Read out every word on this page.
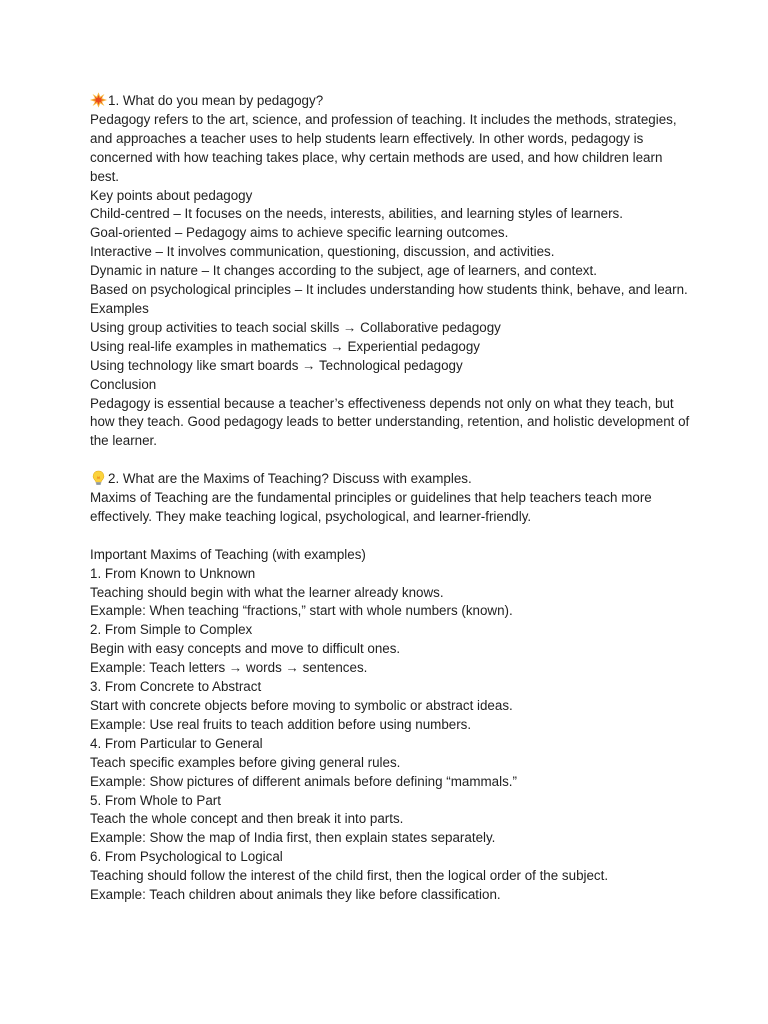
1. What do you mean by pedagogy?
Pedagogy refers to the art, science, and profession of teaching. It includes the methods, strategies, and approaches a teacher uses to help students learn effectively. In other words, pedagogy is concerned with how teaching takes place, why certain methods are used, and how children learn best.
Key points about pedagogy
Child-centred – It focuses on the needs, interests, abilities, and learning styles of learners.
Goal-oriented – Pedagogy aims to achieve specific learning outcomes.
Interactive – It involves communication, questioning, discussion, and activities.
Dynamic in nature – It changes according to the subject, age of learners, and context.
Based on psychological principles – It includes understanding how students think, behave, and learn.
Examples
Using group activities to teach social skills → Collaborative pedagogy
Using real-life examples in mathematics → Experiential pedagogy
Using technology like smart boards → Technological pedagogy
Conclusion
Pedagogy is essential because a teacher’s effectiveness depends not only on what they teach, but how they teach. Good pedagogy leads to better understanding, retention, and holistic development of the learner.
2. What are the Maxims of Teaching? Discuss with examples.
Maxims of Teaching are the fundamental principles or guidelines that help teachers teach more effectively. They make teaching logical, psychological, and learner-friendly.
Important Maxims of Teaching (with examples)
1. From Known to Unknown
Teaching should begin with what the learner already knows.
Example: When teaching “fractions,” start with whole numbers (known).
2. From Simple to Complex
Begin with easy concepts and move to difficult ones.
Example: Teach letters → words → sentences.
3. From Concrete to Abstract
Start with concrete objects before moving to symbolic or abstract ideas.
Example: Use real fruits to teach addition before using numbers.
4. From Particular to General
Teach specific examples before giving general rules.
Example: Show pictures of different animals before defining “mammals.”
5. From Whole to Part
Teach the whole concept and then break it into parts.
Example: Show the map of India first, then explain states separately.
6. From Psychological to Logical
Teaching should follow the interest of the child first, then the logical order of the subject.
Example: Teach children about animals they like before classification.
